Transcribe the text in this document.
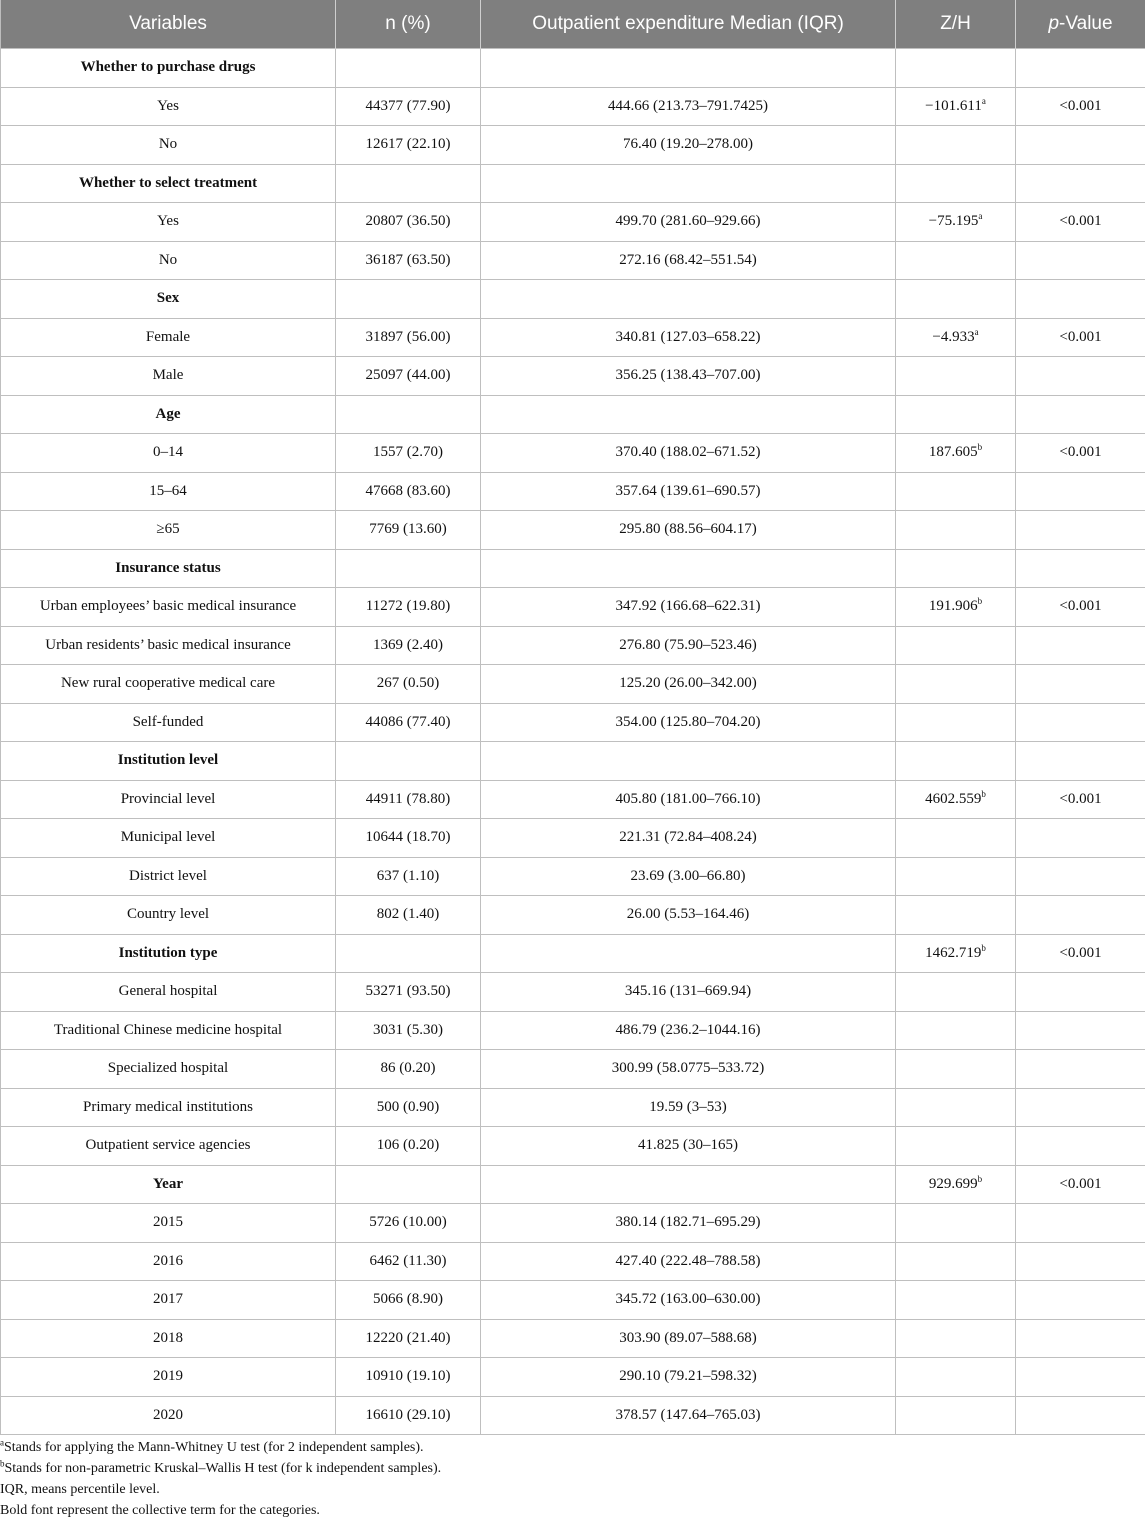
Variables	n (%)	Outpatient expenditure Median (IQR)	Z/H	p-Value
Whether to purchase drugs				
Yes	44377 (77.90)	444.66 (213.73–791.7425)	−101.611$^a$	<0.001
No	12617 (22.10)	76.40 (19.20–278.00)		
Whether to select treatment				
Yes	20807 (36.50)	499.70 (281.60–929.66)	−75.195$^a$	<0.001
No	36187 (63.50)	272.16 (68.42–551.54)		
Sex				
Female	31897 (56.00)	340.81 (127.03–658.22)	−4.933$^a$	<0.001
Male	25097 (44.00)	356.25 (138.43–707.00)		
Age				
0–14	1557 (2.70)	370.40 (188.02–671.52)	187.605$^b$	<0.001
15–64	47668 (83.60)	357.64 (139.61–690.57)		
≥65	7769 (13.60)	295.80 (88.56–604.17)		
Insurance status				
Urban employees’ basic medical insurance	11272 (19.80)	347.92 (166.68–622.31)	191.906$^b$	<0.001
Urban residents’ basic medical insurance	1369 (2.40)	276.80 (75.90–523.46)		
New rural cooperative medical care	267 (0.50)	125.20 (26.00–342.00)		
Self-funded	44086 (77.40)	354.00 (125.80–704.20)		
Institution level				
Provincial level	44911 (78.80)	405.80 (181.00–766.10)	4602.559$^b$	<0.001
Municipal level	10644 (18.70)	221.31 (72.84–408.24)		
District level	637 (1.10)	23.69 (3.00–66.80)		
Country level	802 (1.40)	26.00 (5.53–164.46)		
Institution type			1462.719$^b$	<0.001
General hospital	53271 (93.50)	345.16 (131–669.94)		
Traditional Chinese medicine hospital	3031 (5.30)	486.79 (236.2–1044.16)		
Specialized hospital	86 (0.20)	300.99 (58.0775–533.72)		
Primary medical institutions	500 (0.90)	19.59 (3–53)		
Outpatient service agencies	106 (0.20)	41.825 (30–165)		
Year			929.699$^b$	<0.001
2015	5726 (10.00)	380.14 (182.71–695.29)		
2016	6462 (11.30)	427.40 (222.48–788.58)		
2017	5066 (8.90)	345.72 (163.00–630.00)		
2018	12220 (21.40)	303.90 (89.07–588.68)		
2019	10910 (19.10)	290.10 (79.21–598.32)		
2020	16610 (29.10)	378.57 (147.64–765.03)		
$^a$Stands for applying the Mann-Whitney U test (for 2 independent samples).
$^b$Stands for non-parametric Kruskal–Wallis H test (for k independent samples).
IQR, means percentile level.
Bold font represent the collective term for the categories.
